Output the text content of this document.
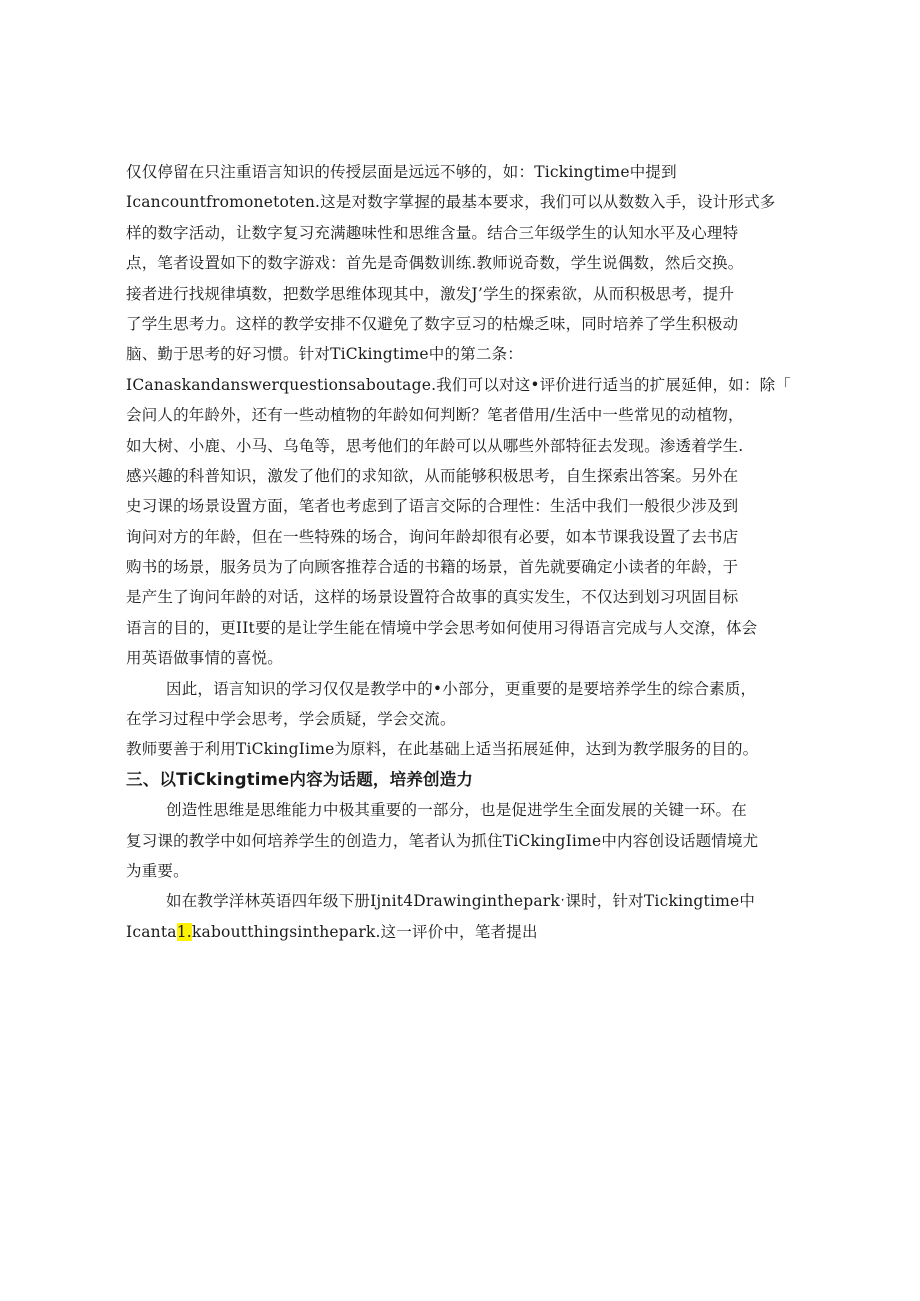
仅仅停留在只注重语言知识的传授层面是远远不够的，如：Tickingtime中提到
Icancountfromonetoten.这是对数字掌握的最基本要求，我们可以从数数入手，设计形式多
样的数字活动，让数字复习充满趣味性和思维含量。结合三年级学生的认知水平及心理特
点，笔者设置如下的数字游戏：首先是奇偶数训练.教师说奇数，学生说偶数，然后交换。
接者进行找规律填数，把数学思维体现其中，激发J’学生的探索欲，从而积极思考，提升
了学生思考力。这样的教学安排不仅避免了数字豆习的枯燥乏味，同时培养了学生积极动
脑、勤于思考的好习惯。针对TiCkingtime中的第二条：
ICanaskandanswerquestionsaboutage.我们可以对这•评价进行适当的扩展延伸，如：除「
会问人的年龄外，还有一些动植物的年龄如何判断？笔者借用/生活中一些常见的动植物，
如大树、小鹿、小马、乌龟等，思考他们的年龄可以从哪些外部特征去发现。渗透着学生.
感兴趣的科普知识，激发了他们的求知欲，从而能够积极思考，自生探索出答案。另外在
史习课的场景设置方面，笔者也考虑到了语言交际的合理性：生活中我们一般很少涉及到
询问对方的年龄，但在一些特殊的场合，询问年龄却很有必要，如本节课我设置了去书店
购书的场景，服务员为了向顾客推荐合适的书籍的场景，首先就要确定小读者的年龄，于
是产生了询问年龄的对话，这样的场景设置符合故事的真实发生，不仅达到划习巩固目标
语言的目的，更IIt要的是让学生能在情境中学会思考如何使用习得语言完成与人交潦，体会
用英语做事情的喜悦。
因此，语言知识的学习仅仅是教学中的•小部分，更重要的是要培养学生的综合素质，
在学习过程中学会思考，学会质疑，学会交流。
教师要善于利用TiCkingIime为原料，在此基础上适当拓展延伸，达到为教学服务的目的。
三、以TiCkingtime内容为话题，培养创造力
创造性思维是思维能力中极其重要的一部分，也是促进学生全面发展的关键一环。在
复习课的教学中如何培养学生的创造力，笔者认为抓住TiCkingIime中内容创设话题情境尤
为重要。
如在教学洋林英语四年级下册Ijnit4Drawingintheparkˑ课时，针对Tickingtime中
Icanta1.kaboutthingsinthepark.这一评价中，笔者提出
